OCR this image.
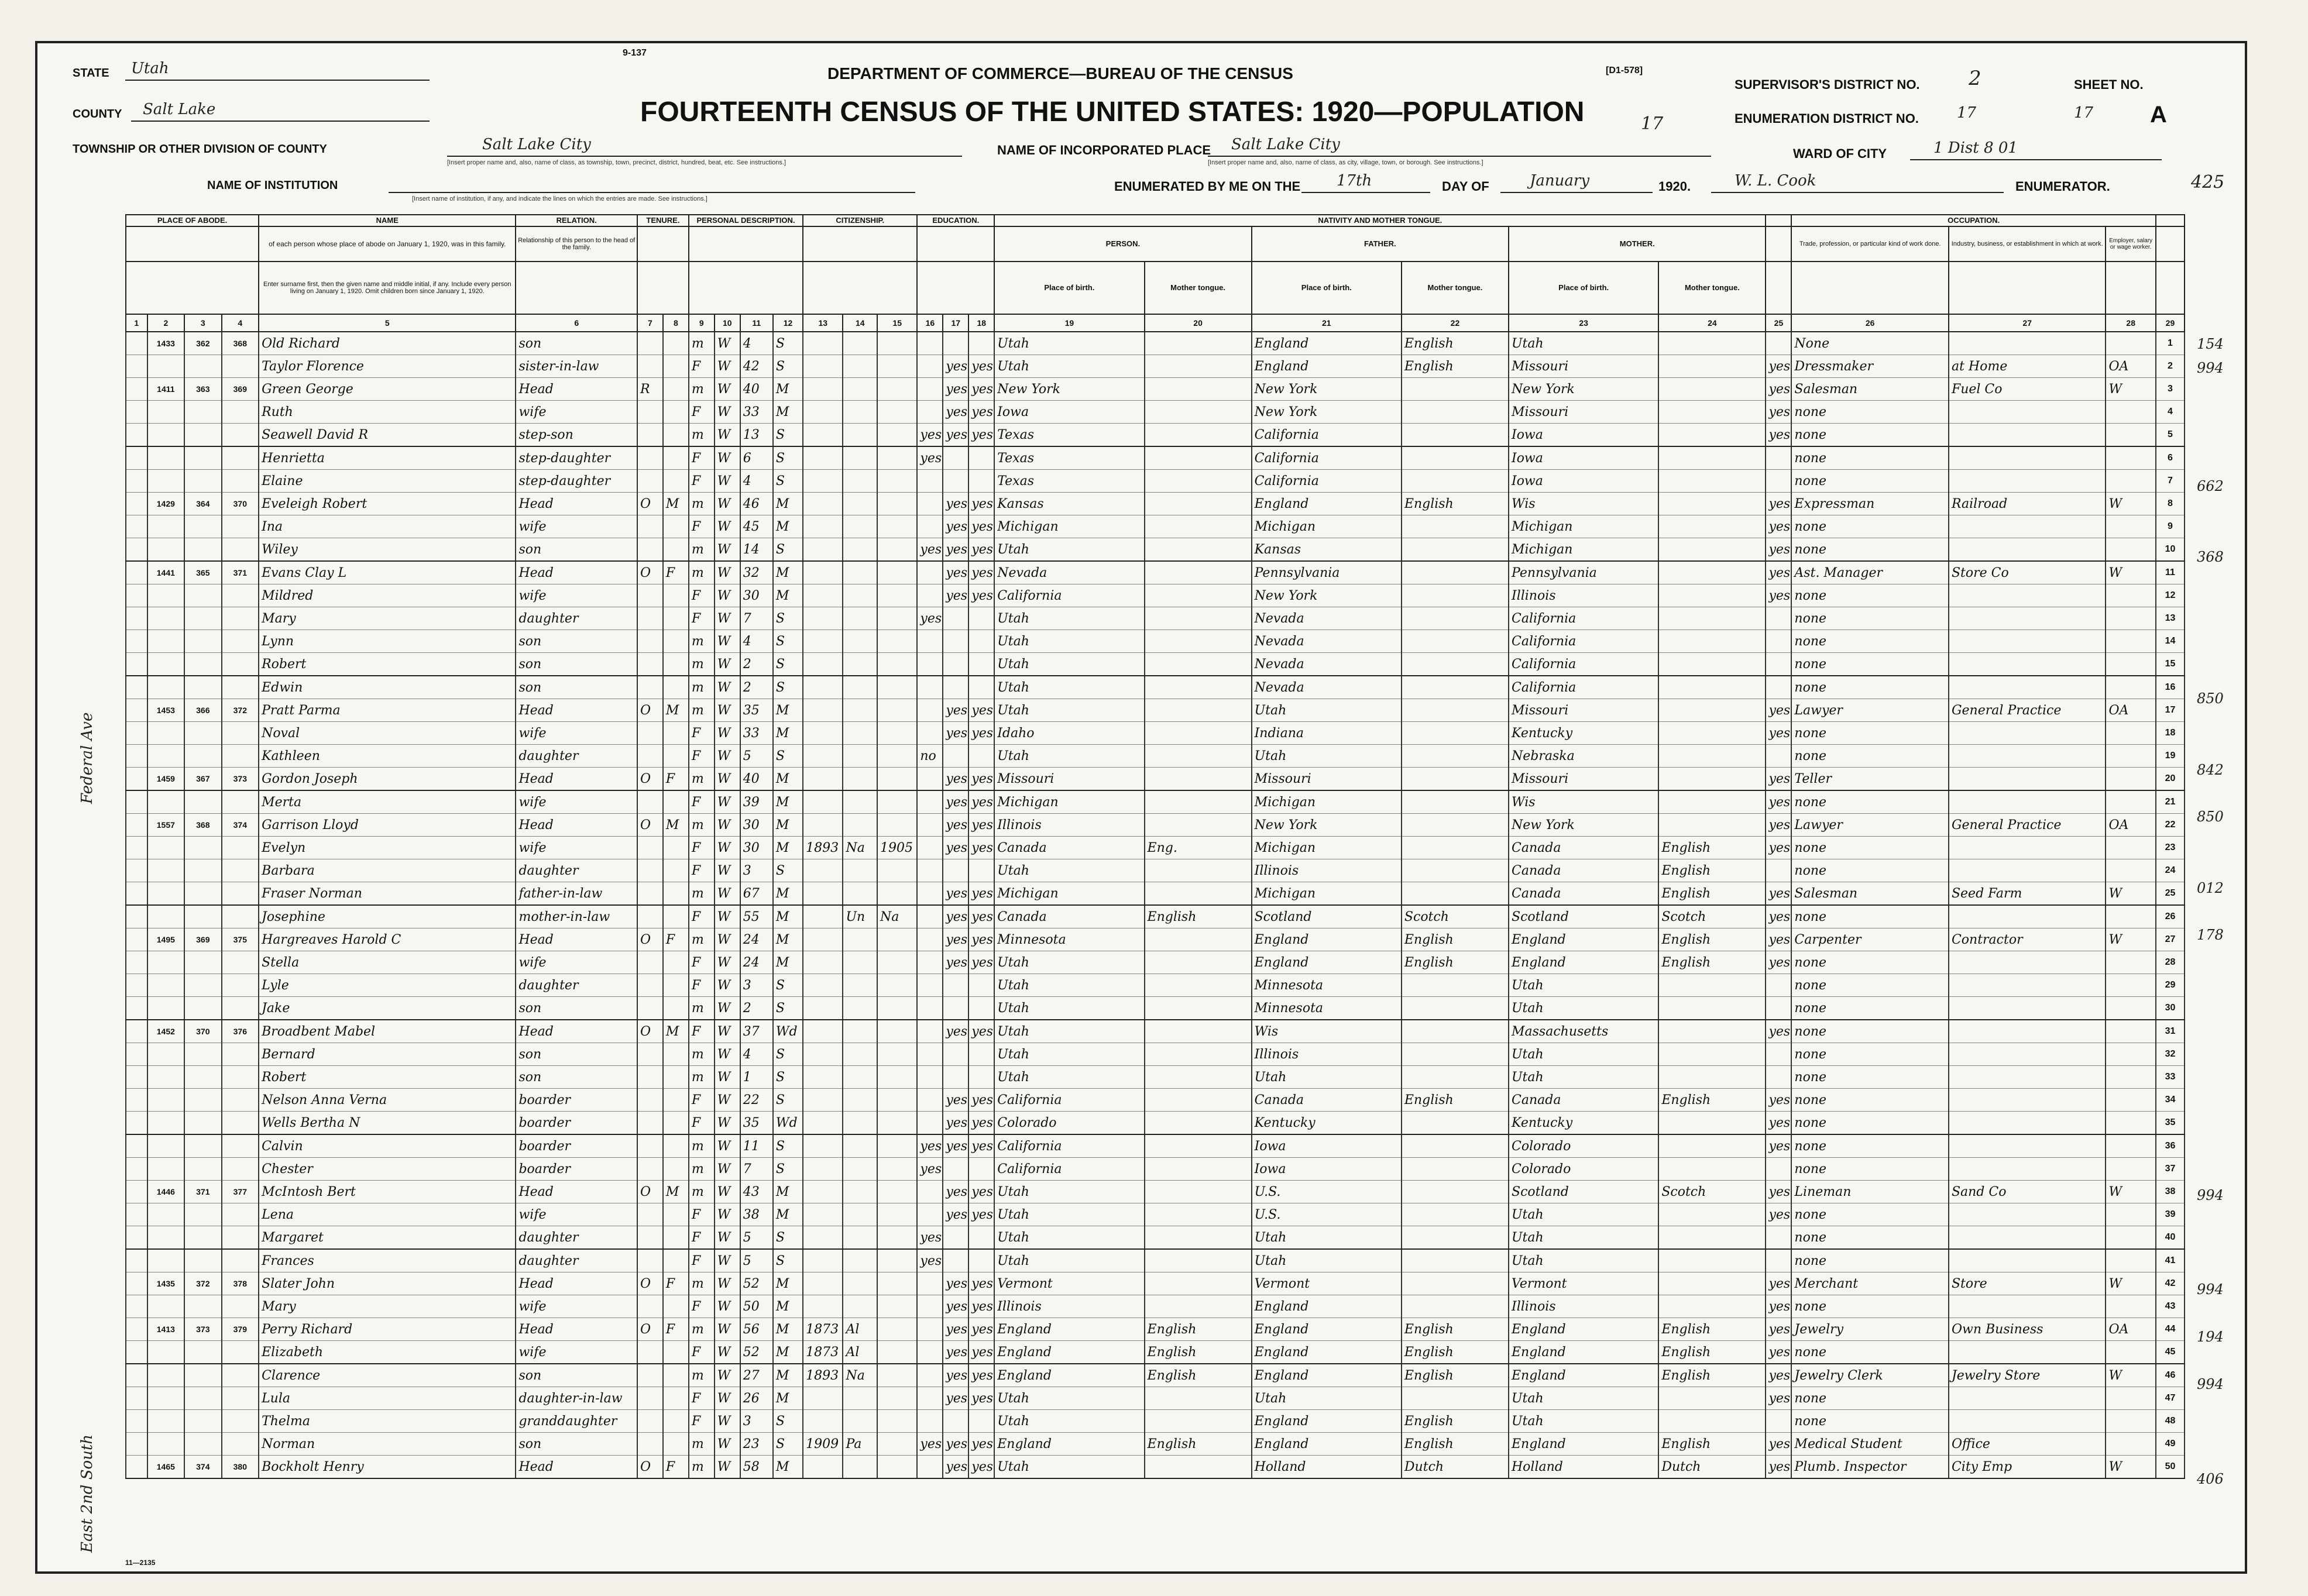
STATE Utah
COUNTY Salt Lake
TOWNSHIP OR OTHER DIVISION OF COUNTY	Salt Lake City
[Insert proper name and, also, name of class, as township, town, precinct, district, hundred, beat, etc. See instructions.]
NAME OF INSTITUTION
[Insert name of institution, if any, and indicate the lines on which the entries are made. See instructions.]
9-137
DEPARTMENT OF COMMERCE—BUREAU OF THE CENSUS	[D1-578]
FOURTEENTH CENSUS OF THE UNITED STATES: 1920—POPULATION	17
NAME OF INCORPORATED PLACE Salt Lake City
[Insert proper name and, also, name of class, as city, village, town, or borough. See instructions.]
ENUMERATED BY ME ON THE 17th	DAY OF	January	1920.	W. L. Cook	ENUMERATOR.
SUPERVISOR'S DISTRICT NO. 2
ENUMERATION DISTRICT NO.	17
SHEET NO.
17 A
WARD OF CITY	1 Dist 8 01
425
Federal Ave
East 2nd South
PLACE OF ABODE.				NAME	RELATION.	TENURE.		PERSONAL DESCRIPTION.				CITIZENSHIP.			EDUCATION.			NATIVITY AND MOTHER TONGUE.							OCCUPATION.			
				of each person whose place of abode on January 1, 1920, was in this family.	Relationship of this person to the head of the family.													PERSON.		FATHER.		MOTHER.			Trade, profession, or particular kind of work done.	Industry, business, or establishment in which at work.	Employer, salary or wage worker.	
				Enter surname first, then the given name and middle initial, if any. Include every person living on January 1, 1920. Omit children born since January 1, 1920.														Place of birth.	Mother tongue.	Place of birth.	Mother tongue.	Place of birth.	Mother tongue.					
1	2	3	4	5	6	7	8	9	10	11	12	13	14	15	16	17	18	19	20	21	22	23	24	25	26	27	28	29
	1433	362	368	Old Richard	son			m	W	4	S							Utah		England	English	Utah			None			1
				Taylor Florence	sister-in-law			F	W	42	S					yes	yes	Utah		England	English	Missouri		yes	Dressmaker	at Home	OA	2
	1411	363	369	Green George	Head	R		m	W	40	M					yes	yes	New York		New York		New York		yes	Salesman	Fuel Co	W	3
				Ruth	wife			F	W	33	M					yes	yes	Iowa		New York		Missouri		yes	none			4
				Seawell David R	step-son			m	W	13	S				yes	yes	yes	Texas		California		Iowa		yes	none			5
				Henrietta	step-daughter			F	W	6	S				yes			Texas		California		Iowa			none			6
				Elaine	step-daughter			F	W	4	S							Texas		California		Iowa			none			7
	1429	364	370	Eveleigh Robert	Head	O	M	m	W	46	M					yes	yes	Kansas		England	English	Wis		yes	Expressman	Railroad	W	8
				Ina	wife			F	W	45	M					yes	yes	Michigan		Michigan		Michigan		yes	none			9
				Wiley	son			m	W	14	S				yes	yes	yes	Utah		Kansas		Michigan		yes	none			10
	1441	365	371	Evans Clay L	Head	O	F	m	W	32	M					yes	yes	Nevada		Pennsylvania		Pennsylvania		yes	Ast. Manager	Store Co	W	11
				Mildred	wife			F	W	30	M					yes	yes	California		New York		Illinois		yes	none			12
				Mary	daughter			F	W	7	S				yes			Utah		Nevada		California			none			13
				Lynn	son			m	W	4	S							Utah		Nevada		California			none			14
				Robert	son			m	W	2	S							Utah		Nevada		California			none			15
				Edwin	son			m	W	2	S							Utah		Nevada		California			none			16
	1453	366	372	Pratt Parma	Head	O	M	m	W	35	M					yes	yes	Utah		Utah		Missouri		yes	Lawyer	General Practice	OA	17
				Noval	wife			F	W	33	M					yes	yes	Idaho		Indiana		Kentucky		yes	none			18
				Kathleen	daughter			F	W	5	S				no			Utah		Utah		Nebraska			none			19
	1459	367	373	Gordon Joseph	Head	O	F	m	W	40	M					yes	yes	Missouri		Missouri		Missouri		yes	Teller			20
				Merta	wife			F	W	39	M					yes	yes	Michigan		Michigan		Wis		yes	none			21
	1557	368	374	Garrison Lloyd	Head	O	M	m	W	30	M					yes	yes	Illinois		New York		New York		yes	Lawyer	General Practice	OA	22
				Evelyn	wife			F	W	30	M	1893	Na	1905		yes	yes	Canada	Eng.	Michigan		Canada	English	yes	none			23
				Barbara	daughter			F	W	3	S							Utah		Illinois		Canada	English		none			24
				Fraser Norman	father-in-law			m	W	67	M					yes	yes	Michigan		Michigan		Canada	English	yes	Salesman	Seed Farm	W	25
				Josephine	mother-in-law			F	W	55	M		Un	Na		yes	yes	Canada	English	Scotland	Scotch	Scotland	Scotch	yes	none			26
	1495	369	375	Hargreaves Harold C	Head	O	F	m	W	24	M					yes	yes	Minnesota		England	English	England	English	yes	Carpenter	Contractor	W	27
				Stella	wife			F	W	24	M					yes	yes	Utah		England	English	England	English	yes	none			28
				Lyle	daughter			F	W	3	S							Utah		Minnesota		Utah			none			29
				Jake	son			m	W	2	S							Utah		Minnesota		Utah			none			30
	1452	370	376	Broadbent Mabel	Head	O	M	F	W	37	Wd					yes	yes	Utah		Wis		Massachusetts		yes	none			31
				Bernard	son			m	W	4	S							Utah		Illinois		Utah			none			32
				Robert	son			m	W	1	S							Utah		Utah		Utah			none			33
				Nelson Anna Verna	boarder			F	W	22	S					yes	yes	California		Canada	English	Canada	English	yes	none			34
				Wells Bertha N	boarder			F	W	35	Wd					yes	yes	Colorado		Kentucky		Kentucky		yes	none			35
				Calvin	boarder			m	W	11	S				yes	yes	yes	California		Iowa		Colorado		yes	none			36
				Chester	boarder			m	W	7	S				yes			California		Iowa		Colorado			none			37
	1446	371	377	McIntosh Bert	Head	O	M	m	W	43	M					yes	yes	Utah		U.S.		Scotland	Scotch	yes	Lineman	Sand Co	W	38
				Lena	wife			F	W	38	M					yes	yes	Utah		U.S.		Utah		yes	none			39
				Margaret	daughter			F	W	5	S				yes			Utah		Utah		Utah			none			40
				Frances	daughter			F	W	5	S				yes			Utah		Utah		Utah			none			41
	1435	372	378	Slater John	Head	O	F	m	W	52	M					yes	yes	Vermont		Vermont		Vermont		yes	Merchant	Store	W	42
				Mary	wife			F	W	50	M					yes	yes	Illinois		England		Illinois		yes	none			43
	1413	373	379	Perry Richard	Head	O	F	m	W	56	M	1873	Al			yes	yes	England	English	England	English	England	English	yes	Jewelry	Own Business	OA	44
				Elizabeth	wife			F	W	52	M	1873	Al			yes	yes	England	English	England	English	England	English	yes	none			45
				Clarence	son			m	W	27	M	1893	Na			yes	yes	England	English	England	English	England	English	yes	Jewelry Clerk	Jewelry Store	W	46
				Lula	daughter-in-law			F	W	26	M					yes	yes	Utah		Utah		Utah		yes	none			47
				Thelma	granddaughter			F	W	3	S							Utah		England	English	Utah			none			48
				Norman	son			m	W	23	S	1909	Pa		yes	yes	yes	England	English	England	English	England	English	yes	Medical Student	Office		49
	1465	374	380	Bockholt Henry	Head	O	F	m	W	58	M					yes	yes	Utah		Holland	Dutch	Holland	Dutch	yes	Plumb. Inspector	City Emp	W	50
154
994
662
368
850
842
850
012
178
994
994
194
994
406
11—2135
